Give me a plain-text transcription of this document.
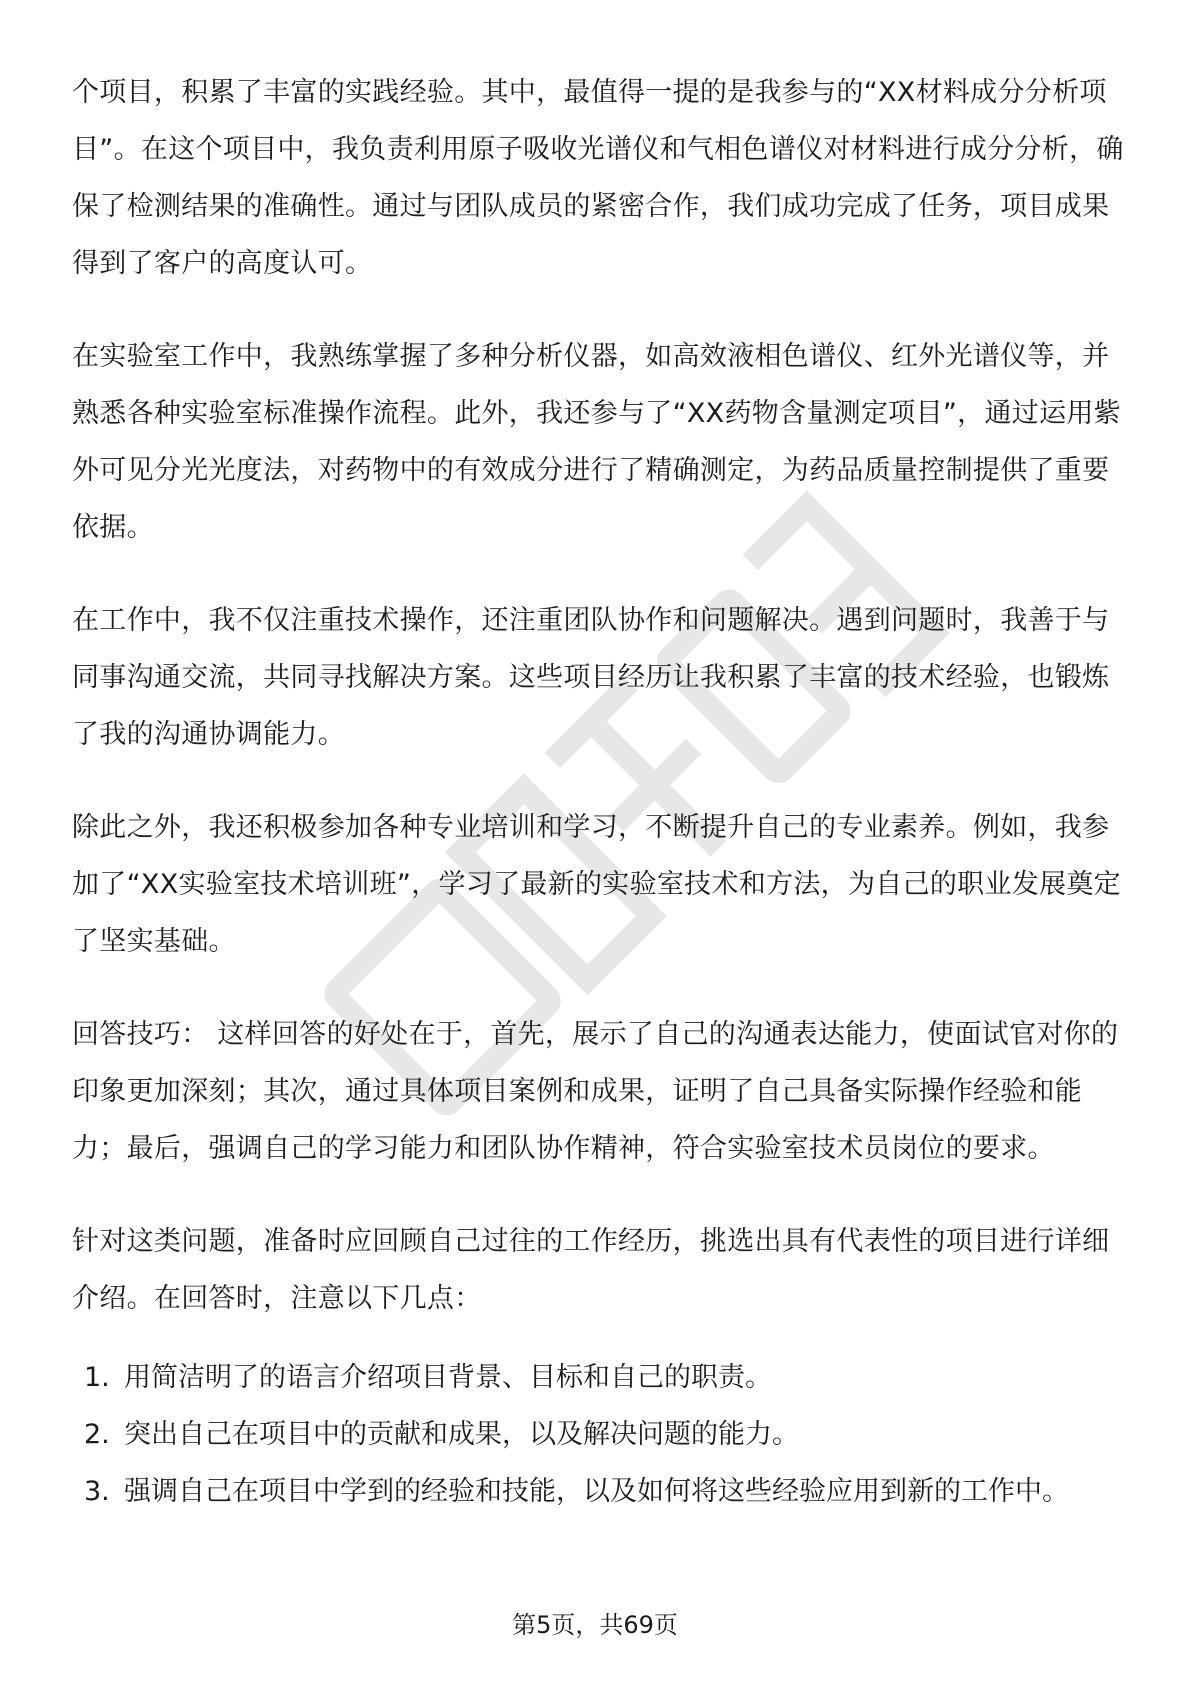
个项目，积累了丰富的实践经验。其中，最值得一提的是我参与的“XX材料成分分析项目”。在这个项目中，我负责利用原子吸收光谱仪和气相色谱仪对材料进行成分分析，确保了检测结果的准确性。通过与团队成员的紧密合作，我们成功完成了任务，项目成果得到了客户的高度认可。

在实验室工作中，我熟练掌握了多种分析仪器，如高效液相色谱仪、红外光谱仪等，并熟悉各种实验室标准操作流程。此外，我还参与了“XX药物含量测定项目”，通过运用紫外可见分光光度法，对药物中的有效成分进行了精确测定，为药品质量控制提供了重要依据。

在工作中，我不仅注重技术操作，还注重团队协作和问题解决。遇到问题时，我善于与同事沟通交流，共同寻找解决方案。这些项目经历让我积累了丰富的技术经验，也锻炼了我的沟通协调能力。

除此之外，我还积极参加各种专业培训和学习，不断提升自己的专业素养。例如，我参加了“XX实验室技术培训班”，学习了最新的实验室技术和方法，为自己的职业发展奠定了坚实基础。

回答技巧： 这样回答的好处在于，首先，展示了自己的沟通表达能力，使面试官对你的印象更加深刻；其次，通过具体项目案例和成果，证明了自己具备实际操作经验和能力；最后，强调自己的学习能力和团队协作精神，符合实验室技术员岗位的要求。

针对这类问题，准备时应回顾自己过往的工作经历，挑选出具有代表性的项目进行详细介绍。在回答时，注意以下几点：

1. 用简洁明了的语言介绍项目背景、目标和自己的职责。
2. 突出自己在项目中的贡献和成果，以及解决问题的能力。
3. 强调自己在项目中学到的经验和技能，以及如何将这些经验应用到新的工作中。
第5页，共69页
